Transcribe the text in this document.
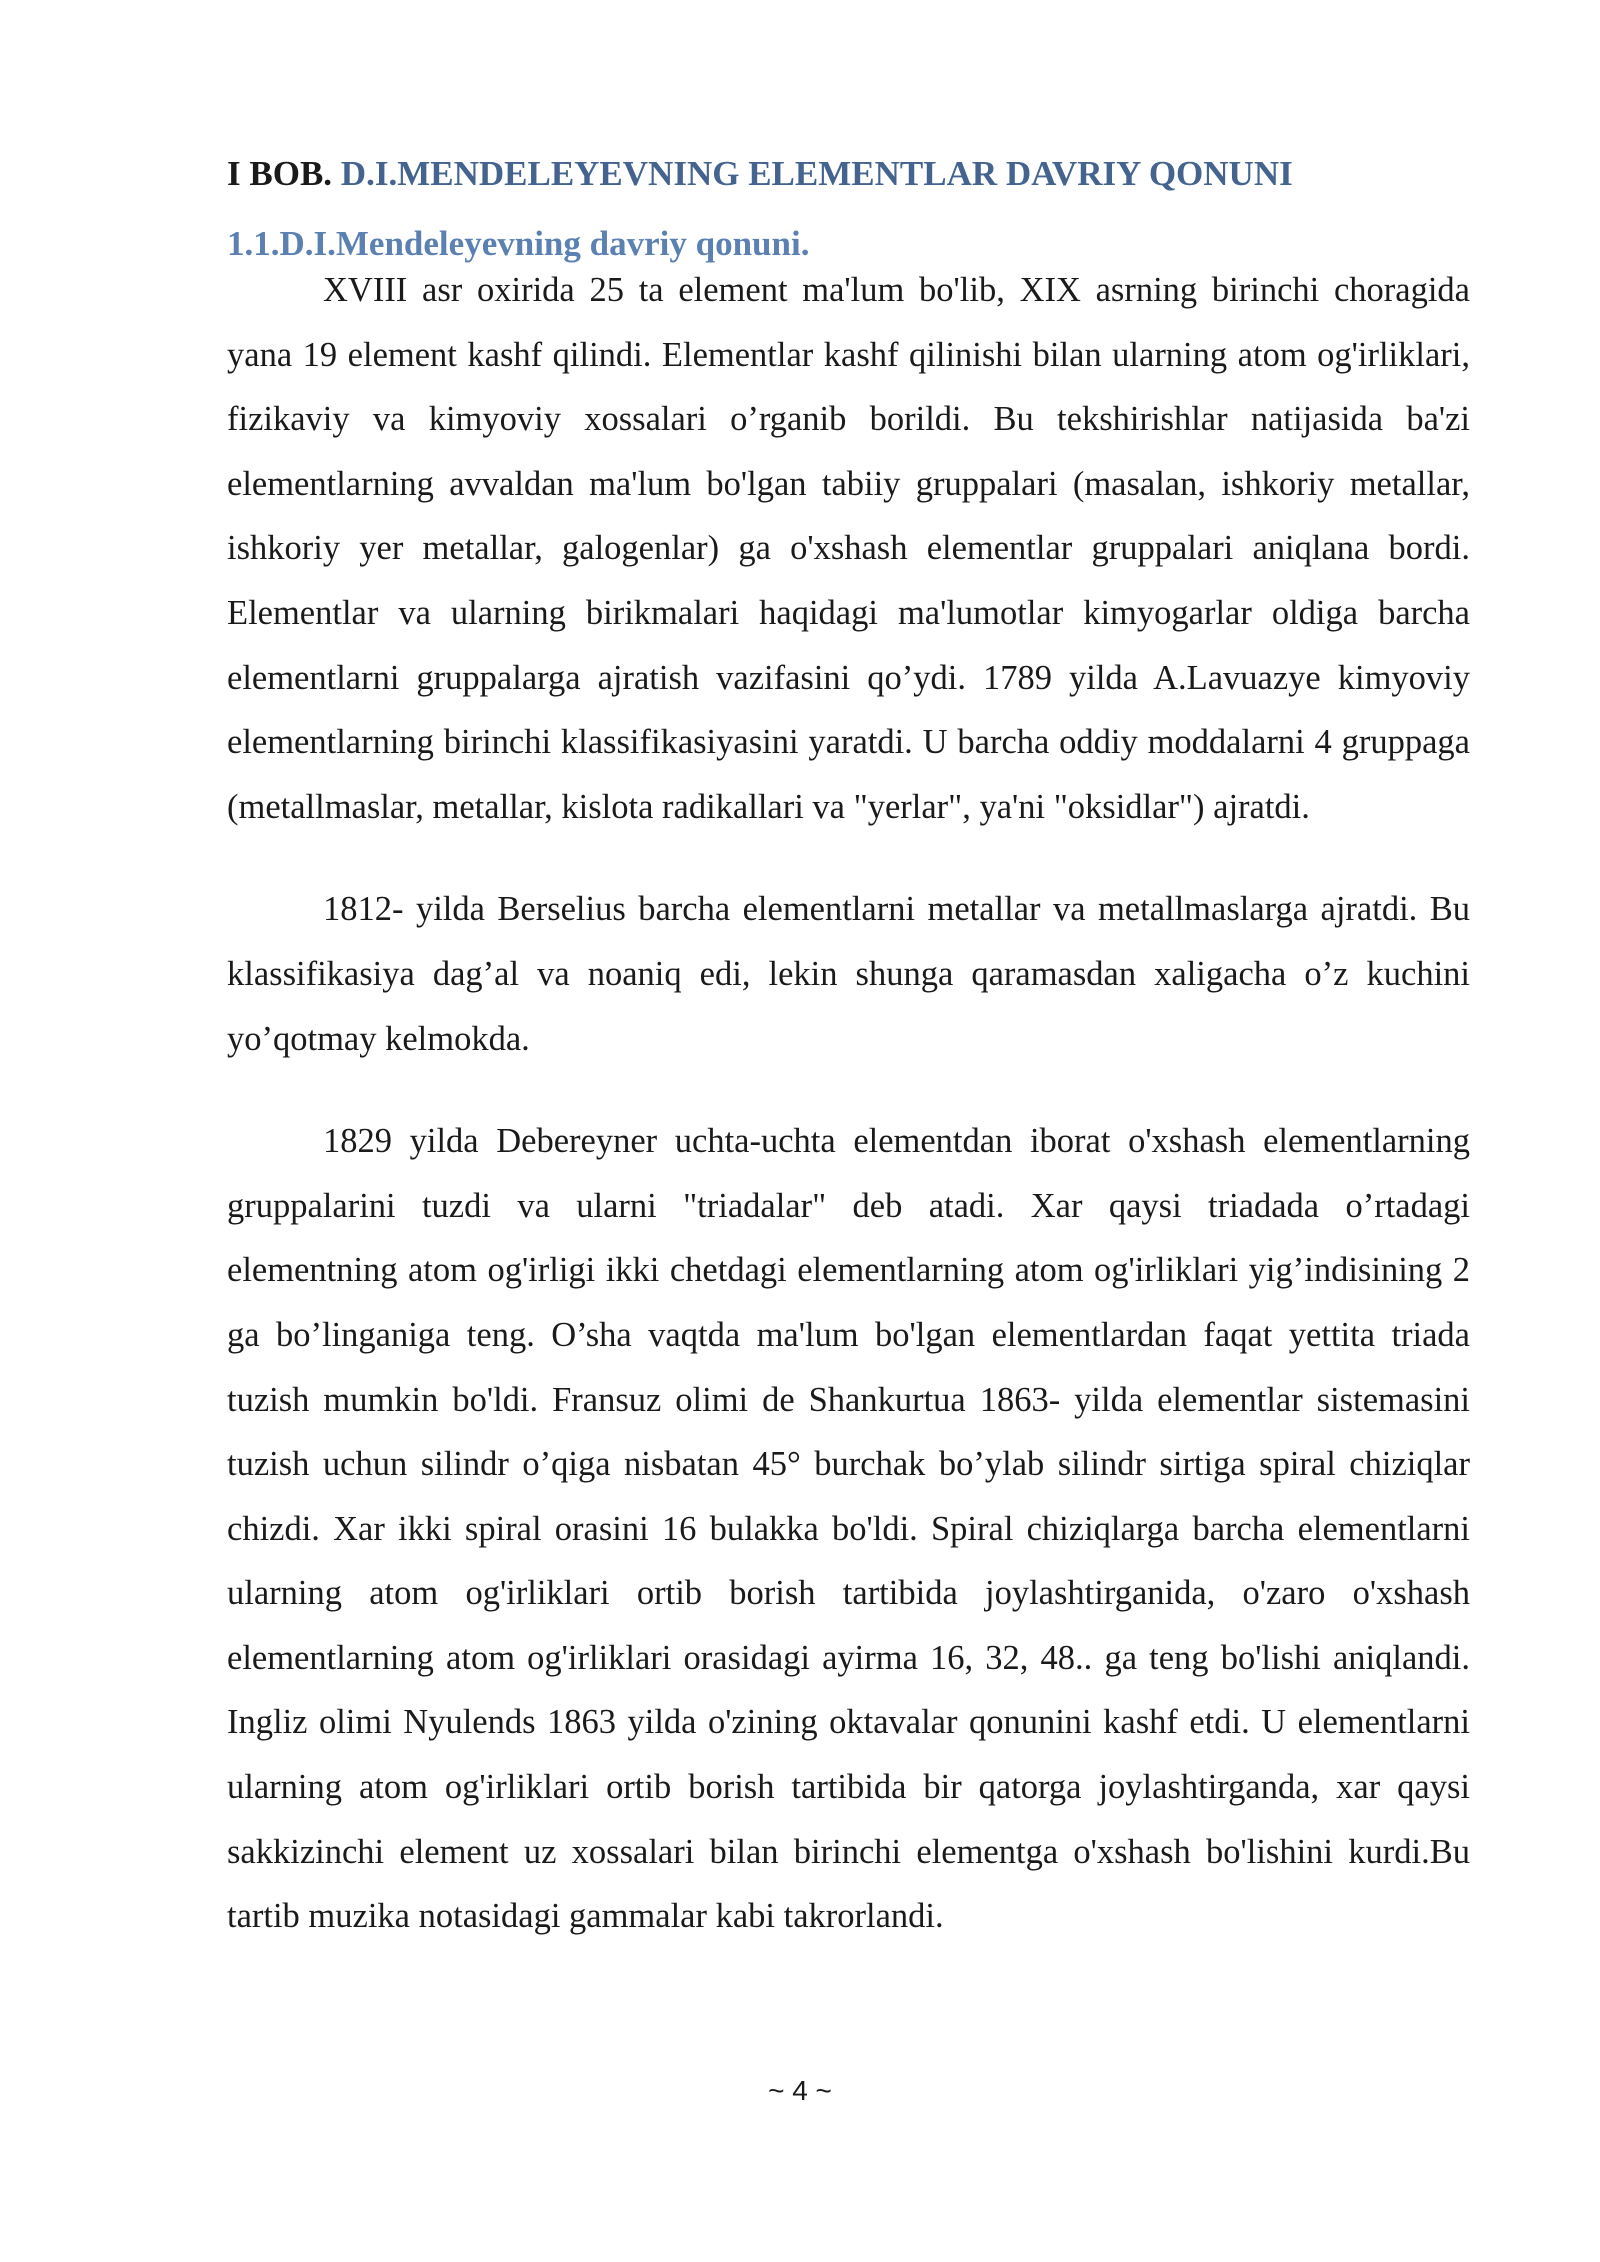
I BOB. D.I.MENDELEYEVNING ELEMENTLAR DAVRIY QONUNI
1.1.D.I.Mendeleyevning davriy qonuni.

XVIII asr oxirida 25 ta element ma'lum bo'lib, XIX asrning birinchi choragida yana 19 element kashf qilindi. Elementlar kashf qilinishi bilan ularning atom og'irliklari, fizikaviy va kimyoviy xossalari o’rganib borildi. Bu tekshirishlar natijasida ba'zi elementlarning avvaldan ma'lum bo'lgan tabiiy gruppalari (masalan, ishkoriy metallar, ishkoriy yer metallar, galogenlar) ga o'xshash elementlar gruppalari aniqlana bordi. Elementlar va ularning birikmalari haqidagi ma'lumotlar kimyogarlar oldiga barcha elementlarni gruppalarga ajratish vazifasini qo’ydi. 1789 yilda A.Lavuazye kimyoviy elementlarning birinchi klassifikasiyasini yaratdi. U barcha oddiy moddalarni 4 gruppaga (metallmaslar, metallar, kislota radikallari va "yerlar", ya'ni "oksidlar") ajratdi.

1812- yilda Berselius barcha elementlarni metallar va metallmaslarga ajratdi. Bu klassifikasiya dag’al va noaniq edi, lekin shunga qaramasdan xaligacha o’z kuchini yo’qotmay kelmokda.

1829 yilda Debereyner uchta-uchta elementdan iborat o'xshash elementlarning gruppalarini tuzdi va ularni "triadalar" deb atadi. Xar qaysi triadada o’rtadagi elementning atom og'irligi ikki chetdagi elementlarning atom og'irliklari yig’indisining 2 ga bo’linganiga teng. O’sha vaqtda ma'lum bo'lgan elementlardan faqat yettita triada tuzish mumkin bo'ldi. Fransuz olimi de Shankurtua 1863- yilda elementlar sistemasini tuzish uchun silindr o’qiga nisbatan 45° burchak bo’ylab silindr sirtiga spiral chiziqlar chizdi. Xar ikki spiral orasini 16 bulakka bo'ldi. Spiral chiziqlarga barcha elementlarni ularning atom og'irliklari ortib borish tartibida joylashtirganida, o'zaro o'xshash elementlarning atom og'irliklari orasidagi ayirma 16, 32, 48.. ga teng bo'lishi aniqlandi. Ingliz olimi Nyulends 1863 yilda o'zining oktavalar qonunini kashf etdi. U elementlarni ularning atom og'irliklari ortib borish tartibida bir qatorga joylashtirganda, xar qaysi sakkizinchi element uz xossalari bilan birinchi elementga o'xshash bo'lishini kurdi.Bu tartib muzika notasidagi gammalar kabi takrorlandi.

~ 4 ~
